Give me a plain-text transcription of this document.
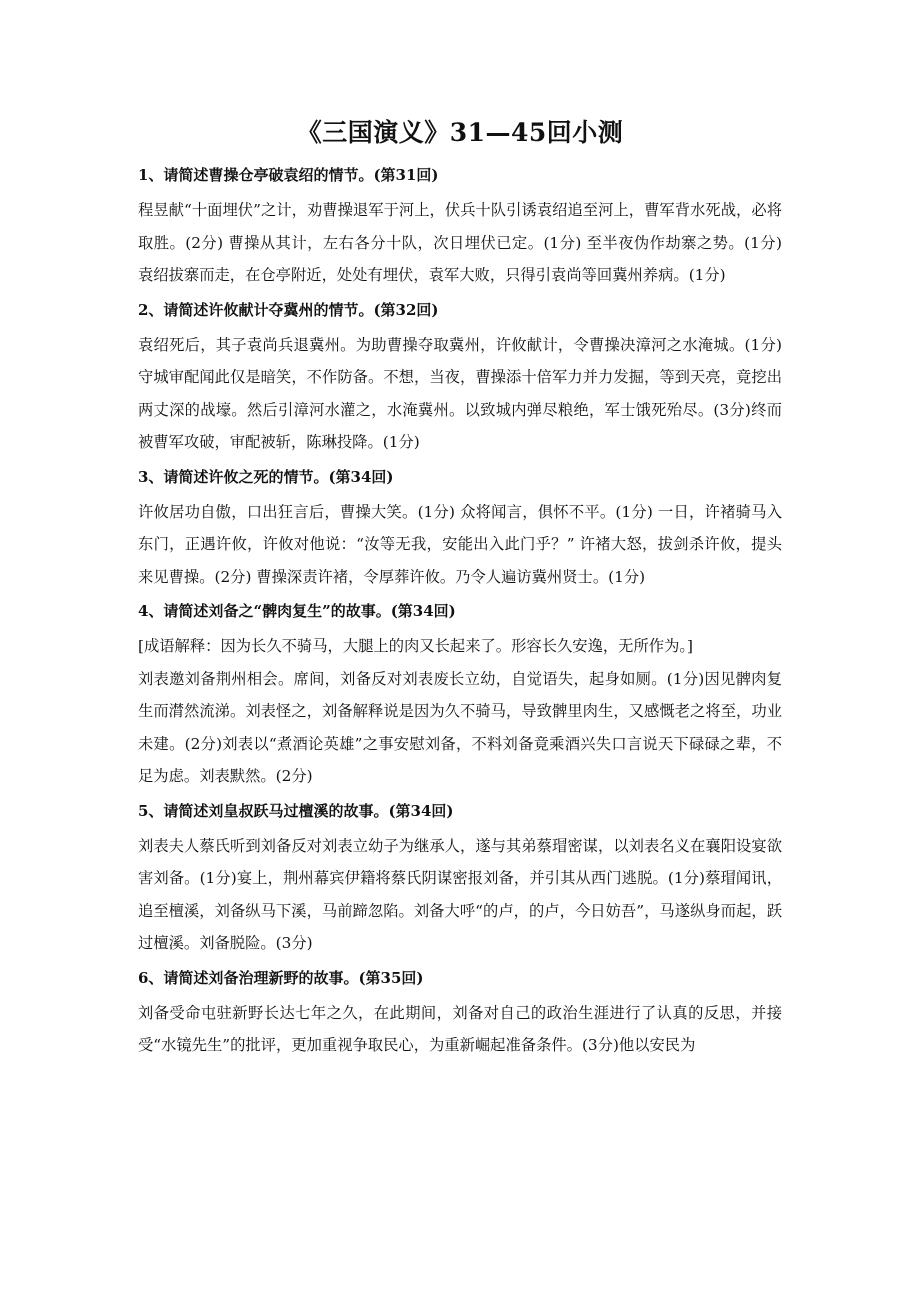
《三国演义》31—45回小测
1、请简述曹操仓亭破袁绍的情节。(第31回)

程昱献“十面埋伏”之计，劝曹操退军于河上，伏兵十队引诱袁绍追至河上，曹军背水死战，必将取胜。(2分) 曹操从其计，左右各分十队，次日埋伏已定。(1分) 至半夜伪作劫寨之势。(1分) 袁绍拔寨而走，在仓亭附近，处处有埋伏，袁军大败，只得引袁尚等回冀州养病。(1分)

2、请简述许攸献计夺冀州的情节。(第32回)

袁绍死后，其子袁尚兵退冀州。为助曹操夺取冀州，许攸献计，令曹操决漳河之水淹城。(1分)守城审配闻此仅是暗笑，不作防备。不想，当夜，曹操添十倍军力并力发掘，等到天亮，竟挖出两丈深的战壕。然后引漳河水灌之，水淹冀州。以致城内弹尽粮绝，军士饿死殆尽。(3分)终而被曹军攻破，审配被斩，陈琳投降。(1分)

3、请简述许攸之死的情节。(第34回)

许攸居功自傲，口出狂言后，曹操大笑。(1分) 众将闻言，俱怀不平。(1分) 一日，许褚骑马入东门，正遇许攸，许攸对他说：“汝等无我，安能出入此门乎？” 许褚大怒，拔剑杀许攸，提头来见曹操。(2分) 曹操深责许褚，令厚葬许攸。乃令人遍访冀州贤士。(1分)

4、请简述刘备之“髀肉复生”的故事。(第34回)

[成语解释：因为长久不骑马，大腿上的肉又长起来了。形容长久安逸，无所作为。]

刘表邀刘备荆州相会。席间，刘备反对刘表废长立幼，自觉语失，起身如厕。(1分)因见髀肉复生而潸然流涕。刘表怪之，刘备解释说是因为久不骑马，导致髀里肉生，又感慨老之将至，功业未建。(2分)刘表以“煮酒论英雄”之事安慰刘备，不料刘备竟乘酒兴失口言说天下碌碌之辈，不足为虑。刘表默然。(2分)

5、请简述刘皇叔跃马过檀溪的故事。(第34回)

刘表夫人蔡氏听到刘备反对刘表立幼子为继承人，遂与其弟蔡瑁密谋，以刘表名义在襄阳设宴欲害刘备。(1分)宴上，荆州幕宾伊籍将蔡氏阴谋密报刘备，并引其从西门逃脱。(1分)蔡瑁闻讯，追至檀溪，刘备纵马下溪，马前蹄忽陷。刘备大呼“的卢，的卢，今日妨吾”，马遂纵身而起，跃过檀溪。刘备脱险。(3分)

6、请简述刘备治理新野的故事。(第35回)

刘备受命屯驻新野长达七年之久，在此期间，刘备对自己的政治生涯进行了认真的反思，并接受“水镜先生”的批评，更加重视争取民心，为重新崛起准备条件。(3分)他以安民为
